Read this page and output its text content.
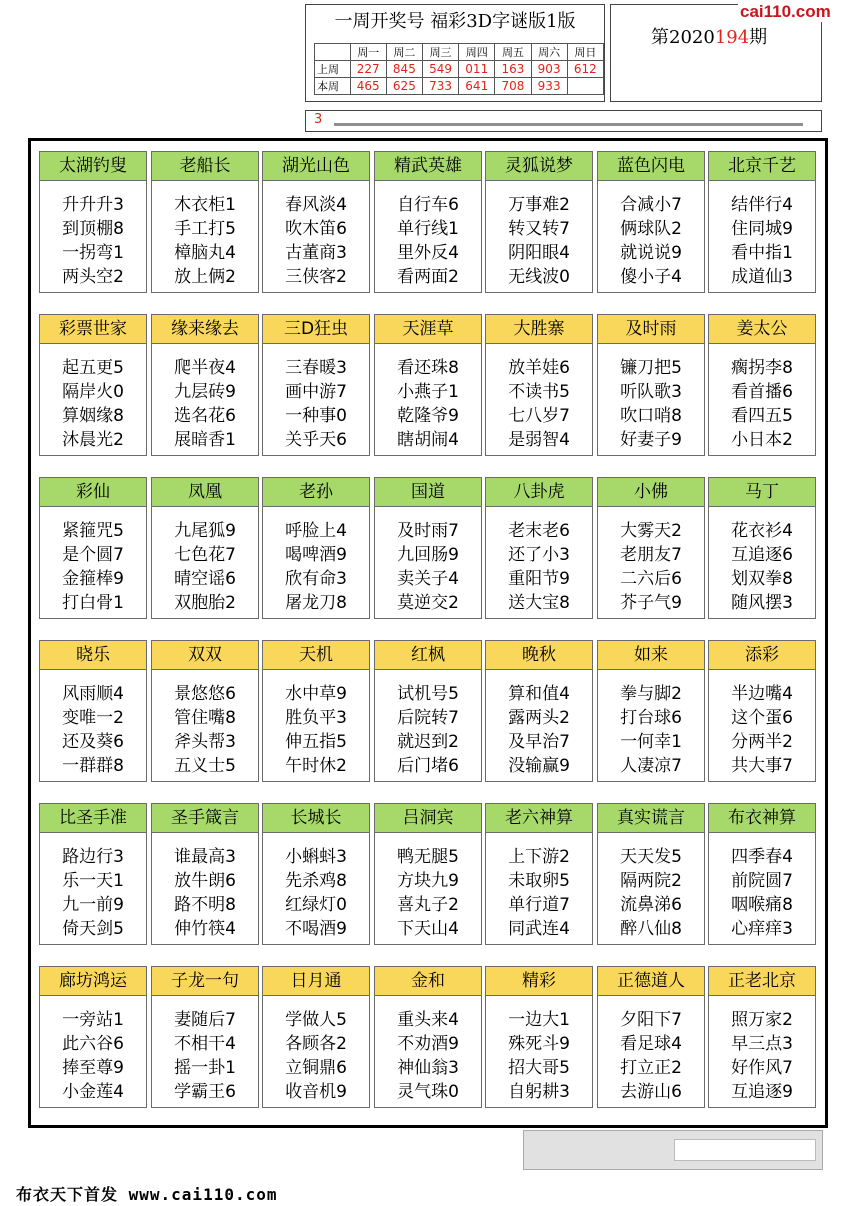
一周开奖号 福彩3D字谜版1版
	周一	周二	周三	周四	周五	周六	周日
上周	227	845	549	011	163	903	612
本周	465	625	733	641	708	933	
第2020194期
cai110.com
3
太湖钓叟
升升升3
到顶棚8
一拐弯1
两头空2
老船长
木衣柜1
手工打5
樟脑丸4
放上俩2
湖光山色
春风淡4
吹木笛6
古董商3
三侠客2
精武英雄
自行车6
单行线1
里外反4
看两面2
灵狐说梦
万事难2
转又转7
阴阳眼4
无线波0
蓝色闪电
合减小7
俩球队2
就说说9
傻小子4
北京千艺
结伴行4
住同城9
看中指1
成道仙3
彩票世家
起五更5
隔岸火0
算姻缘8
沐晨光2
缘来缘去
爬半夜4
九层砖9
选名花6
展暗香1
三D狂虫
三春暖3
画中游7
一种事0
关乎天6
天涯草
看还珠8
小燕子1
乾隆爷9
瞎胡闹4
大胜寨
放羊娃6
不读书5
七八岁7
是弱智4
及时雨
镰刀把5
听队歌3
吹口哨8
好妻子9
姜太公
瘸拐李8
看首播6
看四五5
小日本2
彩仙
紧箍咒5
是个圆7
金箍棒9
打白骨1
凤凰
九尾狐9
七色花7
晴空谣6
双胞胎2
老孙
呼脸上4
喝啤酒9
欣有命3
屠龙刀8
国道
及时雨7
九回肠9
卖关子4
莫逆交2
八卦虎
老末老6
还了小3
重阳节9
送大宝8
小佛
大雾天2
老朋友7
二六后6
芥子气9
马丁
花衣衫4
互追逐6
划双拳8
随风摆3
晓乐
风雨顺4
变唯一2
还及葵6
一群群8
双双
景悠悠6
管住嘴8
斧头帮3
五义士5
天机
水中草9
胜负平3
伸五指5
午时休2
红枫
试机号5
后院转7
就迟到2
后门堵6
晚秋
算和值4
露两头2
及早治7
没输赢9
如来
拳与脚2
打台球6
一何幸1
人凄凉7
添彩
半边嘴4
这个蛋6
分两半2
共大事7
比圣手准
路边行3
乐一天1
九一前9
倚天剑5
圣手箴言
谁最高3
放牛朗6
路不明8
伸竹筷4
长城长
小蝌蚪3
先杀鸡8
红绿灯0
不喝酒9
吕洞宾
鸭无腿5
方块九9
喜丸子2
下天山4
老六神算
上下游2
未取卵5
单行道7
同武连4
真实谎言
天天发5
隔两院2
流鼻涕6
醉八仙8
布衣神算
四季春4
前院圆7
咽喉痛8
心痒痒3
廊坊鸿运
一旁站1
此六谷6
捧至尊9
小金莲4
子龙一句
妻随后7
不相干4
摇一卦1
学霸王6
日月通
学做人5
各顾各2
立铜鼎6
收音机9
金和
重头来4
不劝酒9
神仙翁3
灵气珠0
精彩
一边大1
殊死斗9
招大哥5
自躬耕3
正德道人
夕阳下7
看足球4
打立正2
去游山6
正老北京
照万家2
早三点3
好作风7
互追逐9
布衣天下首发 www.cai110.com
